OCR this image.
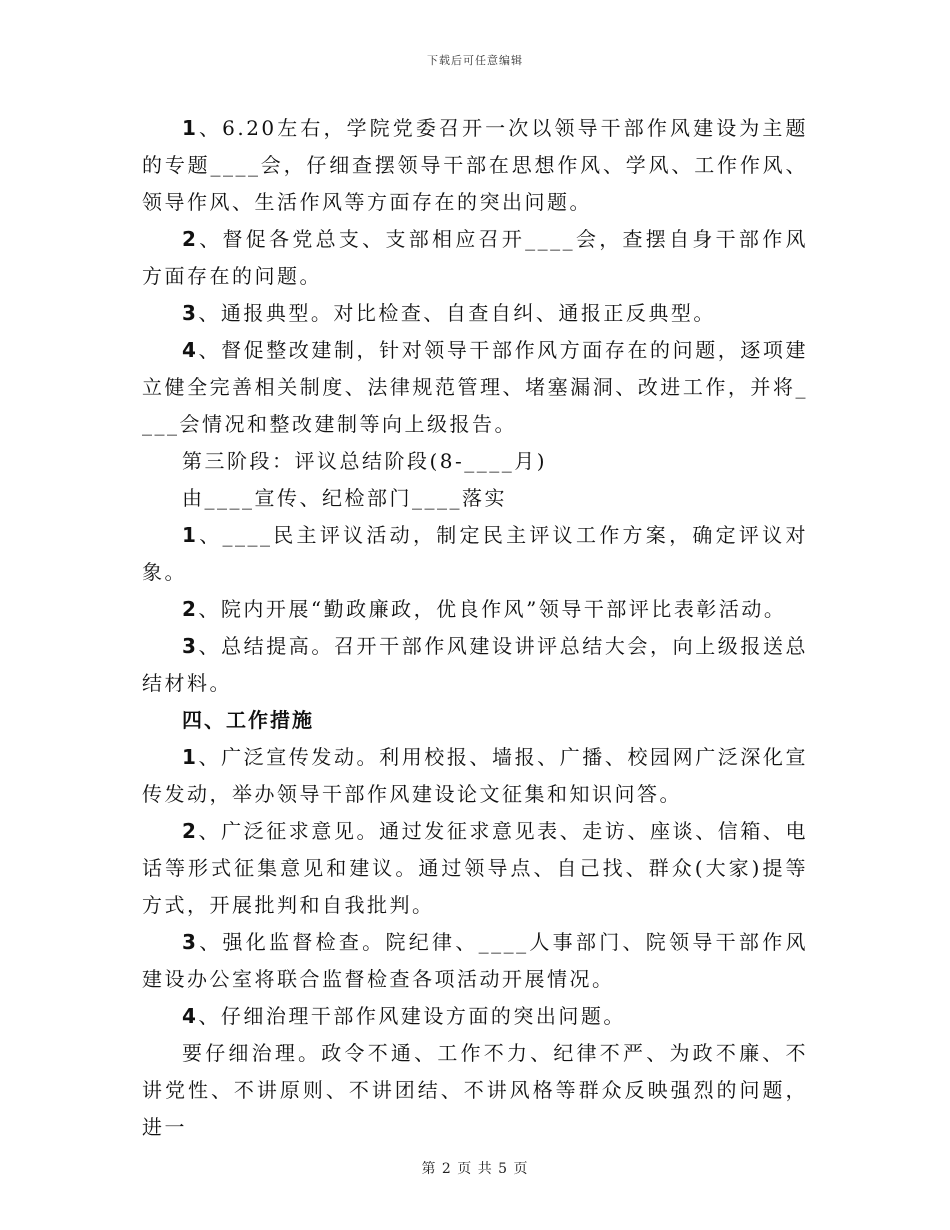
下载后可任意编辑

1、6.20左右，学院党委召开一次以领导干部作风建设为主题的专题____会，仔细查摆领导干部在思想作风、学风、工作作风、领导作风、生活作风等方面存在的突出问题。

2、督促各党总支、支部相应召开____会，查摆自身干部作风方面存在的问题。

3、通报典型。对比检查、自查自纠、通报正反典型。

4、督促整改建制，针对领导干部作风方面存在的问题，逐项建立健全完善相关制度、法律规范管理、堵塞漏洞、改进工作，并将____会情况和整改建制等向上级报告。

第三阶段：评议总结阶段(8-____月)

由____宣传、纪检部门____落实

1、____民主评议活动，制定民主评议工作方案，确定评议对象。

2、院内开展“勤政廉政，优良作风”领导干部评比表彰活动。

3、总结提高。召开干部作风建设讲评总结大会，向上级报送总结材料。

四、工作措施

1、广泛宣传发动。利用校报、墙报、广播、校园网广泛深化宣传发动，举办领导干部作风建设论文征集和知识问答。

2、广泛征求意见。通过发征求意见表、走访、座谈、信箱、电话等形式征集意见和建议。通过领导点、自己找、群众(大家)提等方式，开展批判和自我批判。

3、强化监督检查。院纪律、____人事部门、院领导干部作风建设办公室将联合监督检查各项活动开展情况。

4、仔细治理干部作风建设方面的突出问题。

要仔细治理。政令不通、工作不力、纪律不严、为政不廉、不讲党性、不讲原则、不讲团结、不讲风格等群众反映强烈的问题，进一

第 2 页 共 5 页
